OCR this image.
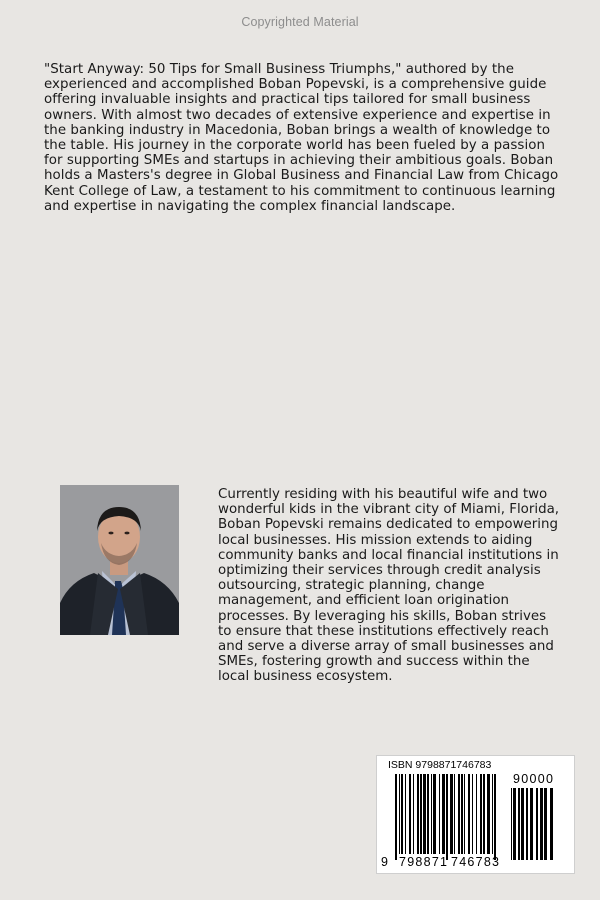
Copyrighted Material

"Start Anyway: 50 Tips for Small Business Triumphs," authored by the experienced and accomplished Boban Popevski, is a comprehensive guide offering invaluable insights and practical tips tailored for small business owners. With almost two decades of extensive experience and expertise in the banking industry in Macedonia, Boban brings a wealth of knowledge to the table. His journey in the corporate world has been fueled by a passion for supporting SMEs and startups in achieving their ambitious goals. Boban holds a Masters's degree in Global Business and Financial Law from Chicago Kent College of Law, a testament to his commitment to continuous learning and expertise in navigating the complex financial landscape.

Currently residing with his beautiful wife and two wonderful kids in the vibrant city of Miami, Florida, Boban Popevski remains dedicated to empowering local businesses. His mission extends to aiding community banks and local financial institutions in optimizing their services through credit analysis outsourcing, strategic planning, change management, and efficient loan origination processes. By leveraging his skills, Boban strives to ensure that these institutions effectively reach and serve a diverse array of small businesses and SMEs, fostering growth and success within the local business ecosystem.

9 798871 746783
90000
ISBN 9798871746783
